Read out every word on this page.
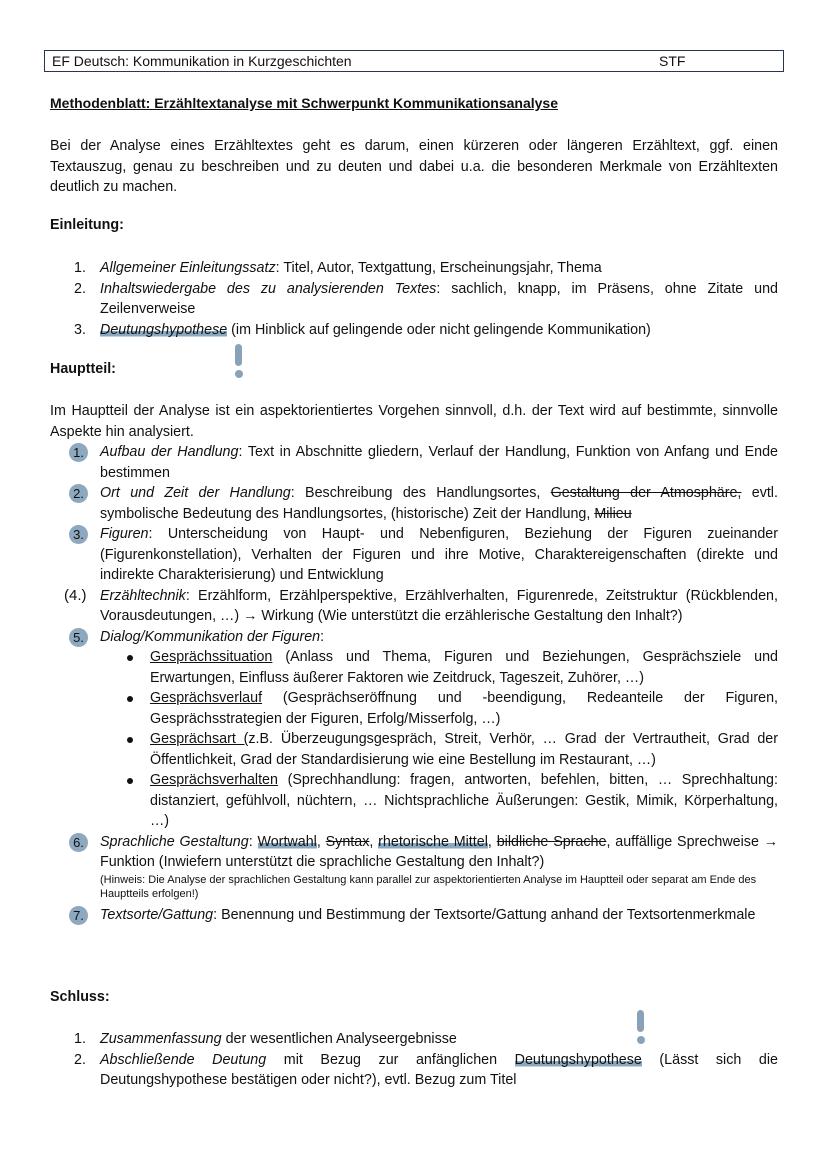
EF Deutsch: Kommunikation in Kurzgeschichten	STF
Methodenblatt: Erzähltextanalyse mit Schwerpunkt Kommunikationsanalyse
Bei der Analyse eines Erzähltextes geht es darum, einen kürzeren oder längeren Erzähltext, ggf. einen Textauszug, genau zu beschreiben und zu deuten und dabei u.a. die besonderen Merkmale von Erzähltexten deutlich zu machen.
Einleitung:
1. Allgemeiner Einleitungssatz: Titel, Autor, Textgattung, Erscheinungsjahr, Thema
2. Inhaltswiedergabe des zu analysierenden Textes: sachlich, knapp, im Präsens, ohne Zitate und Zeilenverweise
3. Deutungshypothese (im Hinblick auf gelingende oder nicht gelingende Kommunikation)
Hauptteil:
Im Hauptteil der Analyse ist ein aspektorientiertes Vorgehen sinnvoll, d.h. der Text wird auf bestimmte, sinnvolle Aspekte hin analysiert.
1. Aufbau der Handlung: Text in Abschnitte gliedern, Verlauf der Handlung, Funktion von Anfang und Ende bestimmen
2. Ort und Zeit der Handlung: Beschreibung des Handlungsortes, Gestaltung der Atmosphäre, evtl. symbolische Bedeutung des Handlungsortes, (historische) Zeit der Handlung, Milieu
3. Figuren: Unterscheidung von Haupt- und Nebenfiguren, Beziehung der Figuren zueinander (Figurenkonstellation), Verhalten der Figuren und ihre Motive, Charaktereigenschaften (direkte und indirekte Charakterisierung) und Entwicklung
(4.) Erzähltechnik: Erzählform, Erzählperspektive, Erzählverhalten, Figurenrede, Zeitstruktur (Rückblenden, Vorausdeutungen, …) → Wirkung (Wie unterstützt die erzählerische Gestaltung den Inhalt?)
5. Dialog/Kommunikation der Figuren:
Gesprächssituation (Anlass und Thema, Figuren und Beziehungen, Gesprächsziele und Erwartungen, Einfluss äußerer Faktoren wie Zeitdruck, Tageszeit, Zuhörer, …)
Gesprächsverlauf (Gesprächseröffnung und -beendigung, Redeanteile der Figuren, Gesprächsstrategien der Figuren, Erfolg/Misserfolg, …)
Gesprächsart (z.B. Überzeugungsgespräch, Streit, Verhör, … Grad der Vertrautheit, Grad der Öffentlichkeit, Grad der Standardisierung wie eine Bestellung im Restaurant, …)
Gesprächsverhalten (Sprechhandlung: fragen, antworten, befehlen, bitten, … Sprechhaltung: distanziert, gefühlvoll, nüchtern, … Nichtsprachliche Äußerungen: Gestik, Mimik, Körperhaltung, …)
6. Sprachliche Gestaltung: Wortwahl, Syntax, rhetorische Mittel, bildliche Sprache, auffällige Sprechweise → Funktion (Inwiefern unterstützt die sprachliche Gestaltung den Inhalt?)
(Hinweis: Die Analyse der sprachlichen Gestaltung kann parallel zur aspektorientierten Analyse im Hauptteil oder separat am Ende des Hauptteils erfolgen!)
7. Textsorte/Gattung: Benennung und Bestimmung der Textsorte/Gattung anhand der Textsortenmerkmale
Schluss:
1. Zusammenfassung der wesentlichen Analyseergebnisse
2. Abschließende Deutung mit Bezug zur anfänglichen Deutungshypothese (Lässt sich die Deutungshypothese bestätigen oder nicht?), evtl. Bezug zum Titel
